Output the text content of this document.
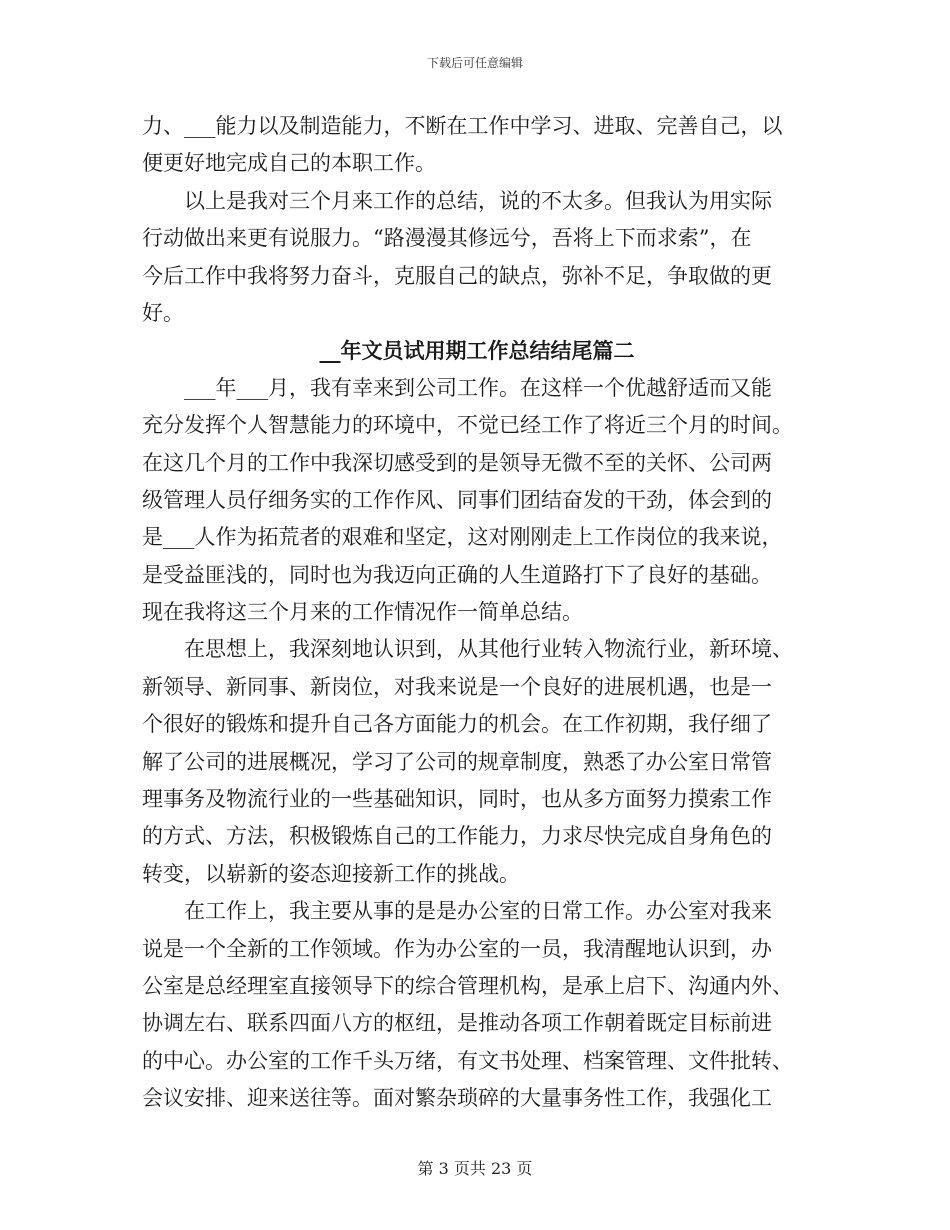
下载后可任意编辑
力、___能力以及制造能力，不断在工作中学习、进取、完善自己，以
便更好地完成自己的本职工作。
以上是我对三个月来工作的总结，说的不太多。但我认为用实际
行动做出来更有说服力。“路漫漫其修远兮，吾将上下而求索”，在
今后工作中我将努力奋斗，克服自己的缺点，弥补不足，争取做的更
好。
__年文员试用期工作总结结尾篇二
___年___月，我有幸来到公司工作。在这样一个优越舒适而又能
充分发挥个人智慧能力的环境中，不觉已经工作了将近三个月的时间。
在这几个月的工作中我深切感受到的是领导无微不至的关怀、公司两
级管理人员仔细务实的工作作风、同事们团结奋发的干劲，体会到的
是___人作为拓荒者的艰难和坚定，这对刚刚走上工作岗位的我来说，
是受益匪浅的，同时也为我迈向正确的人生道路打下了良好的基础。
现在我将这三个月来的工作情况作一简单总结。
在思想上，我深刻地认识到，从其他行业转入物流行业，新环境、
新领导、新同事、新岗位，对我来说是一个良好的进展机遇，也是一
个很好的锻炼和提升自己各方面能力的机会。在工作初期，我仔细了
解了公司的进展概况，学习了公司的规章制度，熟悉了办公室日常管
理事务及物流行业的一些基础知识，同时，也从多方面努力摸索工作
的方式、方法，积极锻炼自己的工作能力，力求尽快完成自身角色的
转变，以崭新的姿态迎接新工作的挑战。
在工作上，我主要从事的是是办公室的日常工作。办公室对我来
说是一个全新的工作领域。作为办公室的一员，我清醒地认识到，办
公室是总经理室直接领导下的综合管理机构，是承上启下、沟通内外、
协调左右、联系四面八方的枢纽，是推动各项工作朝着既定目标前进
的中心。办公室的工作千头万绪，有文书处理、档案管理、文件批转、
会议安排、迎来送往等。面对繁杂琐碎的大量事务性工作，我强化工
第 3 页共 23 页
